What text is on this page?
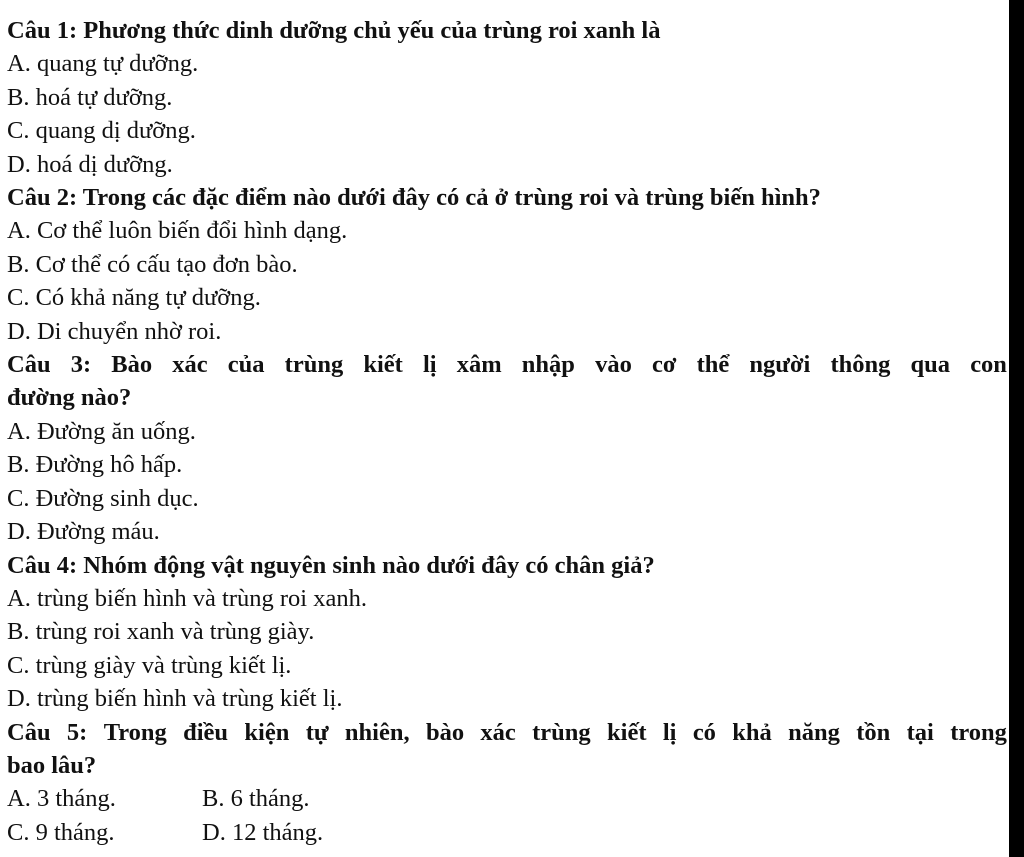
Câu 1: Phương thức dinh dưỡng chủ yếu của trùng roi xanh là
A. quang tự dưỡng.
B. hoá tự dưỡng.
C. quang dị dưỡng.
D. hoá dị dưỡng.
Câu 2: Trong các đặc điểm nào dưới đây có cả ở trùng roi và trùng biến hình?
A. Cơ thể luôn biến đổi hình dạng.
B. Cơ thể có cấu tạo đơn bào.
C. Có khả năng tự dưỡng.
D. Di chuyển nhờ roi.
Câu 3: Bào xác của trùng kiết lị xâm nhập vào cơ thể người thông qua con
đường nào?
A. Đường ăn uống.
B. Đường hô hấp.
C. Đường sinh dục.
D. Đường máu.
Câu 4: Nhóm động vật nguyên sinh nào dưới đây có chân giả?
A. trùng biến hình và trùng roi xanh.
B. trùng roi xanh và trùng giày.
C. trùng giày và trùng kiết lị.
D. trùng biến hình và trùng kiết lị.
Câu 5: Trong điều kiện tự nhiên, bào xác trùng kiết lị có khả năng tồn tại trong
bao lâu?
A. 3 tháng.	B. 6 tháng.
C. 9 tháng.	D. 12 tháng.
